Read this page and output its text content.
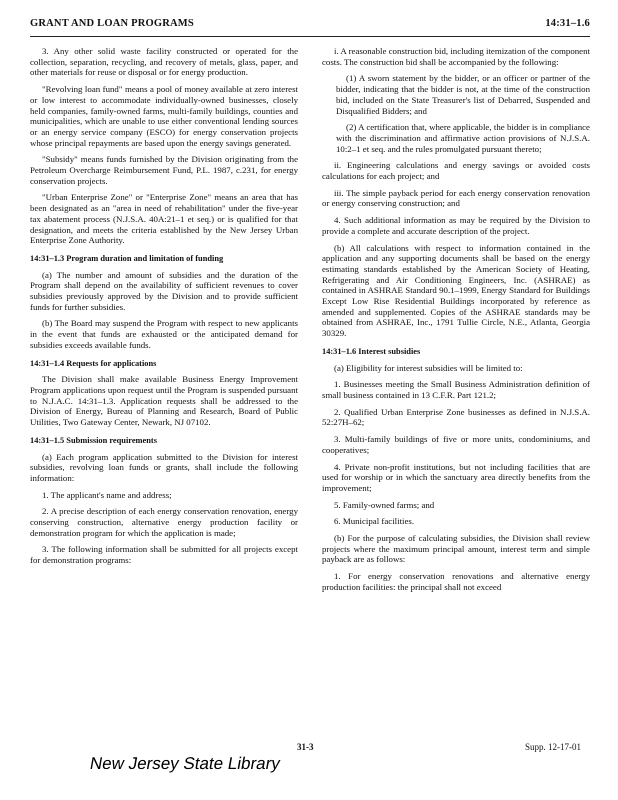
GRANT AND LOAN PROGRAMS	14:31–1.6

3. Any other solid waste facility constructed or operated for the collection, separation, recycling, and recovery of metals, glass, paper, and other materials for reuse or disposal or for energy production.

"Revolving loan fund" means a pool of money available at zero interest or low interest to accommodate individually-owned businesses, closely held companies, family-owned farms, multi-family buildings, counties and municipalities, which are unable to use either conventional lending sources or an energy service company (ESCO) for energy conservation projects whose principal repayments are based upon the energy savings generated.

"Subsidy" means funds furnished by the Division originating from the Petroleum Overcharge Reimbursement Fund, P.L. 1987, c.231, for energy conservation projects.

"Urban Enterprise Zone" or "Enterprise Zone" means an area that has been designated as an "area in need of rehabilitation" under the five-year tax abatement process (N.J.S.A. 40A:21–1 et seq.) or is qualified for that designation, and meets the criteria established by the New Jersey Urban Enterprise Zone Authority.

14:31–1.3 Program duration and limitation of funding

(a) The number and amount of subsidies and the duration of the Program shall depend on the availability of sufficient revenues to cover subsidies previously approved by the Division and to provide sufficient funds for further subsidies.

(b) The Board may suspend the Program with respect to new applicants in the event that funds are exhausted or the anticipated demand for subsidies exceeds available funds.

14:31–1.4 Requests for applications

The Division shall make available Business Energy Improvement Program applications upon request until the Program is suspended pursuant to N.J.A.C. 14:31–1.3. Application requests shall be addressed to the Division of Energy, Bureau of Planning and Research, Board of Public Utilities, Two Gateway Center, Newark, NJ 07102.

14:31–1.5 Submission requirements

(a) Each program application submitted to the Division for interest subsidies, revolving loan funds or grants, shall include the following information:

1. The applicant's name and address;

2. A precise description of each energy conservation renovation, energy conserving construction, alternative energy production facility or demonstration program for which the application is made;

3. The following information shall be submitted for all projects except for demonstration programs:

i. A reasonable construction bid, including itemization of the component costs. The construction bid shall be accompanied by the following:

(1) A sworn statement by the bidder, or an officer or partner of the bidder, indicating that the bidder is not, at the time of the construction bid, included on the State Treasurer's list of Debarred, Suspended and Disqualified Bidders; and

(2) A certification that, where applicable, the bidder is in compliance with the discrimination and affirmative action provisions of N.J.S.A. 10:2–1 et seq. and the rules promulgated pursuant thereto;

ii. Engineering calculations and energy savings or avoided costs calculations for each project; and

iii. The simple payback period for each energy conservation renovation or energy conserving construction; and

4. Such additional information as may be required by the Division to provide a complete and accurate description of the project.

(b) All calculations with respect to information contained in the application and any supporting documents shall be based on the energy estimating standards established by the American Society of Heating, Refrigerating and Air Conditioning Engineers, Inc. (ASHRAE) as contained in ASHRAE Standard 90.1–1999, Energy Standard for Buildings Except Low Rise Residential Buildings incorporated by reference as amended and supplemented. Copies of the ASHRAE standards may be obtained from ASHRAE, Inc., 1791 Tullie Circle, N.E., Atlanta, Georgia 30329.

14:31–1.6 Interest subsidies

(a) Eligibility for interest subsidies will be limited to:

1. Businesses meeting the Small Business Administration definition of small business contained in 13 C.F.R. Part 121.2;

2. Qualified Urban Enterprise Zone businesses as defined in N.J.S.A. 52:27H–62;

3. Multi-family buildings of five or more units, condominiums, and cooperatives;

4. Private non-profit institutions, but not including facilities that are used for worship or in which the sanctuary area directly benefits from the improvement;

5. Family-owned farms; and

6. Municipal facilities.

(b) For the purpose of calculating subsidies, the Division shall review projects where the maximum principal amount, interest term and simple payback are as follows:

1. For energy conservation renovations and alternative energy production facilities: the principal shall not exceed

31-3	Supp. 12-17-01
New Jersey State Library
